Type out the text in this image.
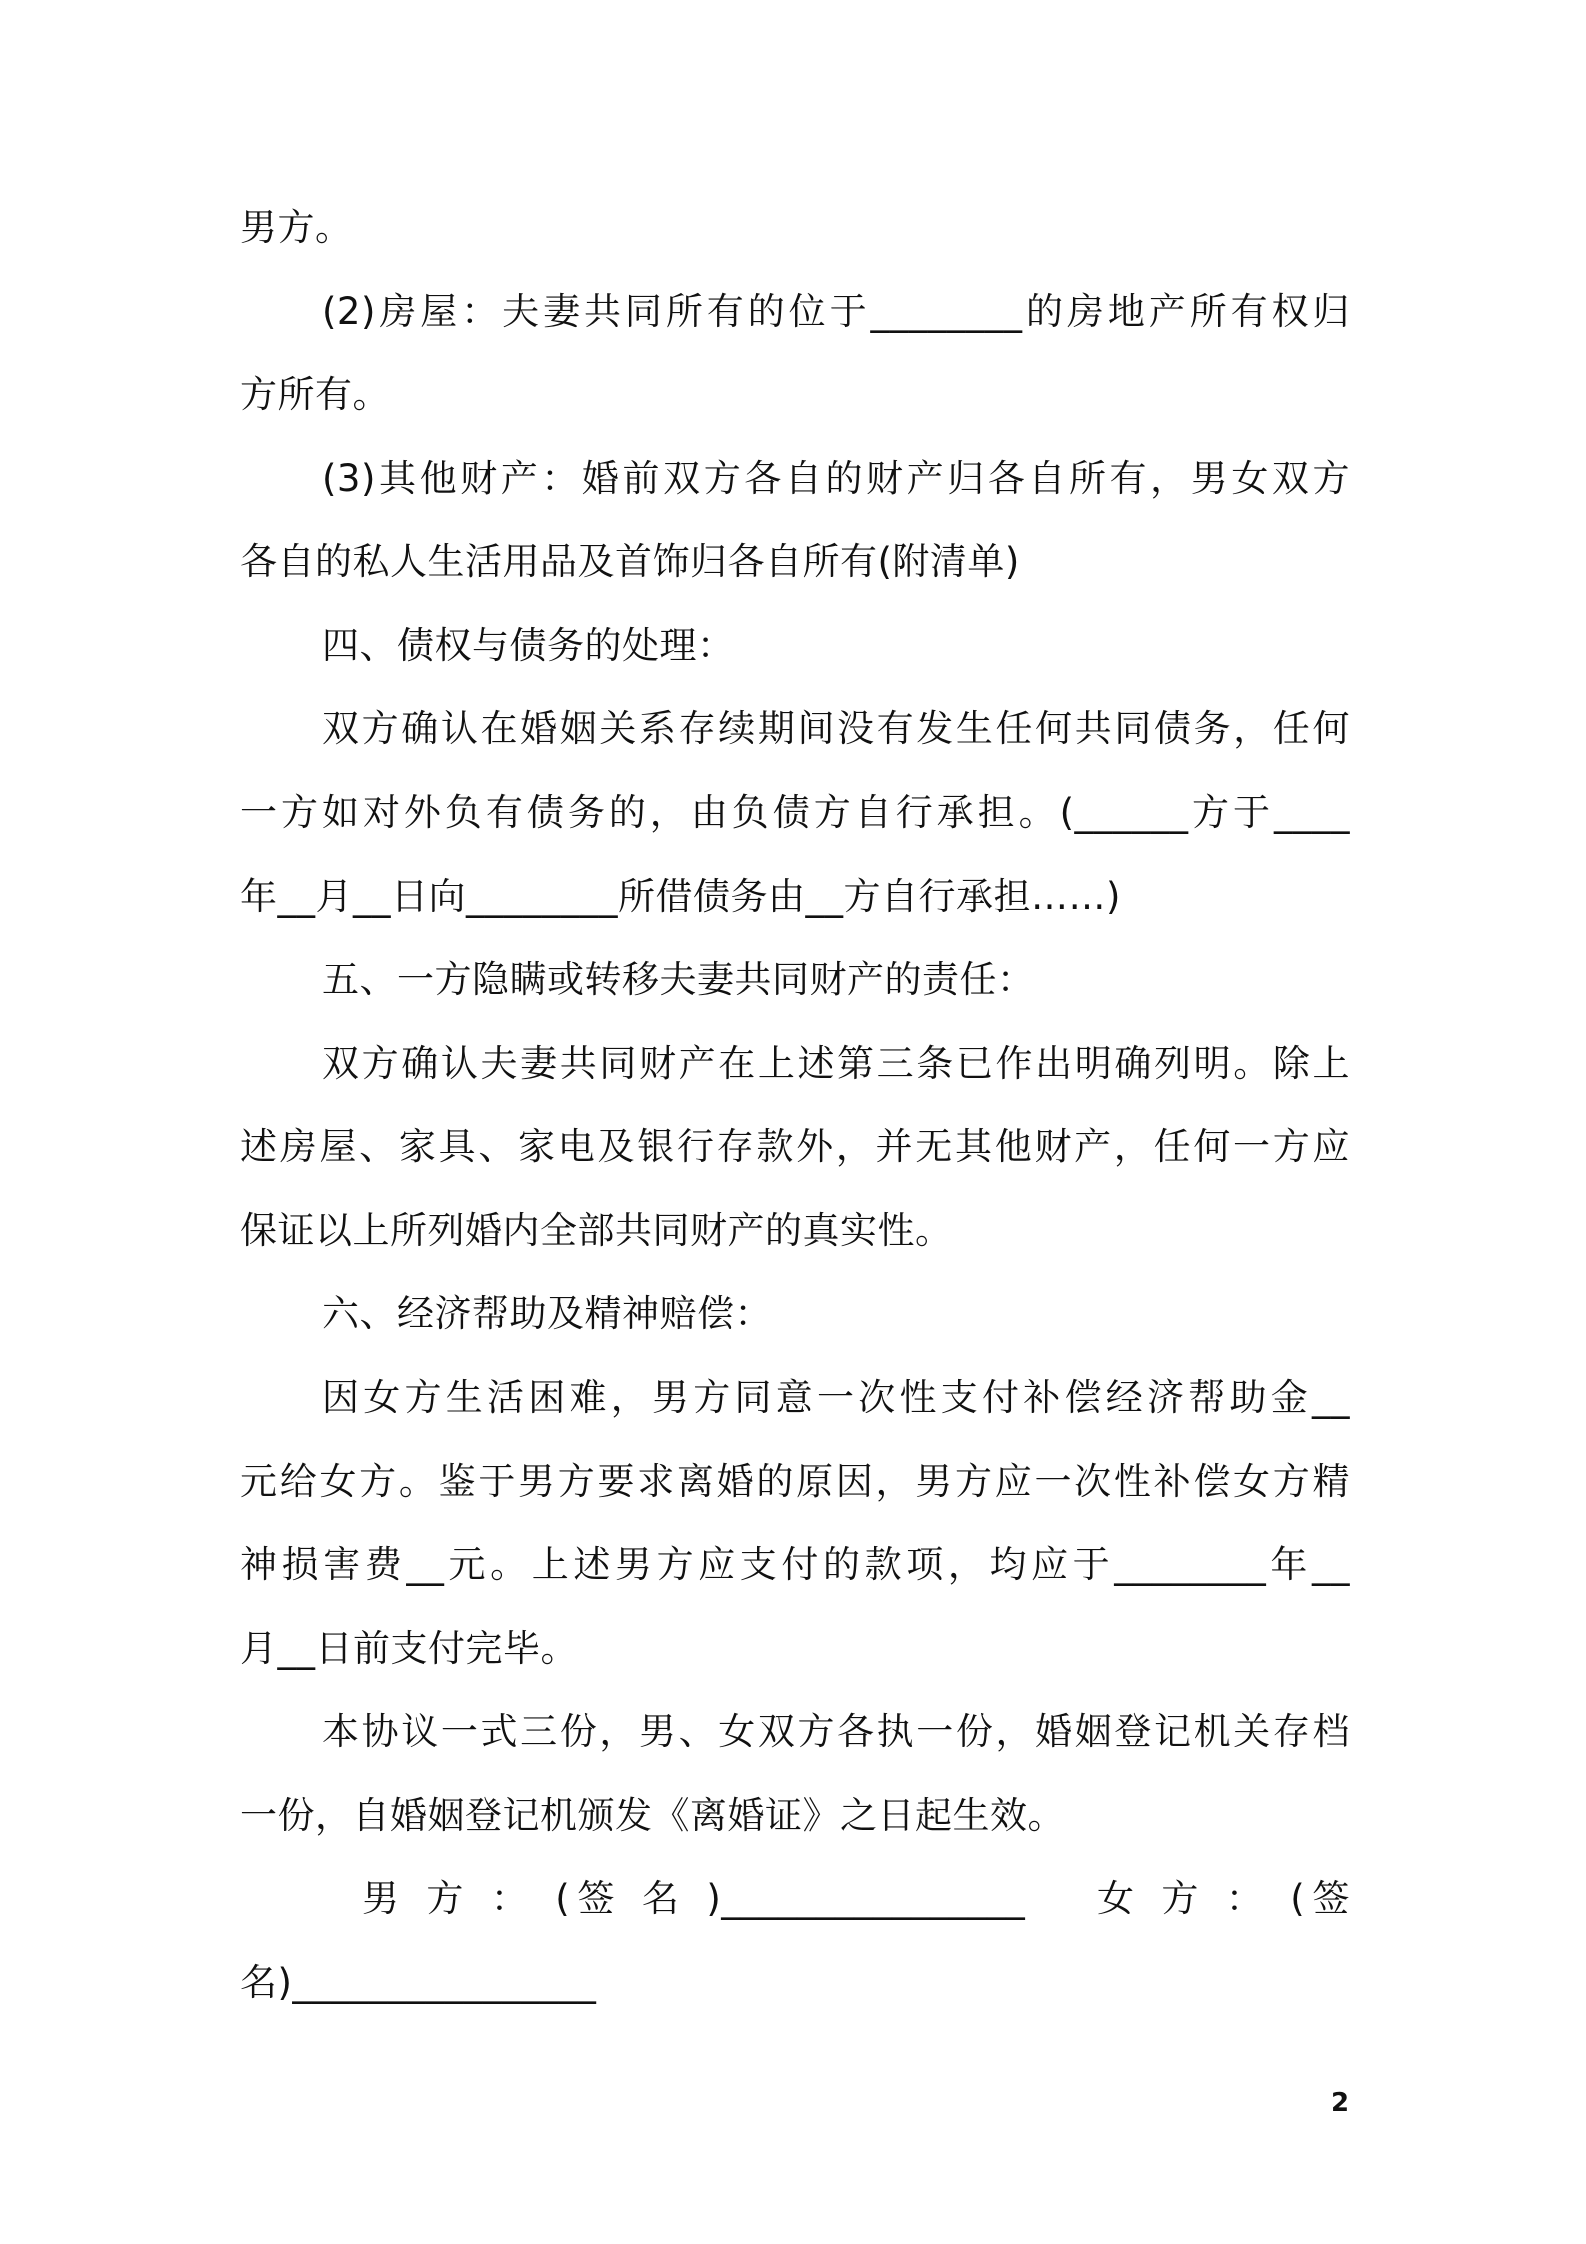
男方。
(2)房屋：夫妻共同所有的位于________的房地产所有权归
方所有。
(3)其他财产：婚前双方各自的财产归各自所有，男女双方
各自的私人生活用品及首饰归各自所有(附清单)
四、债权与债务的处理：
双方确认在婚姻关系存续期间没有发生任何共同债务，任何
一方如对外负有债务的，由负债方自行承担。(______方于____
年__月__日向________所借债务由__方自行承担……)
五、一方隐瞒或转移夫妻共同财产的责任：
双方确认夫妻共同财产在上述第三条已作出明确列明。除上
述房屋、家具、家电及银行存款外，并无其他财产，任何一方应
保证以上所列婚内全部共同财产的真实性。
六、经济帮助及精神赔偿：
因女方生活困难，男方同意一次性支付补偿经济帮助金__
元给女方。鉴于男方要求离婚的原因，男方应一次性补偿女方精
神损害费__元。上述男方应支付的款项，均应于________年__
月__日前支付完毕。
本协议一式三份，男、女双方各执一份，婚姻登记机关存档
一份，自婚姻登记机颁发《离婚证》之日起生效。
男 方 ： (签 名 )________________　 女 方 ： (签
名)________________
2
